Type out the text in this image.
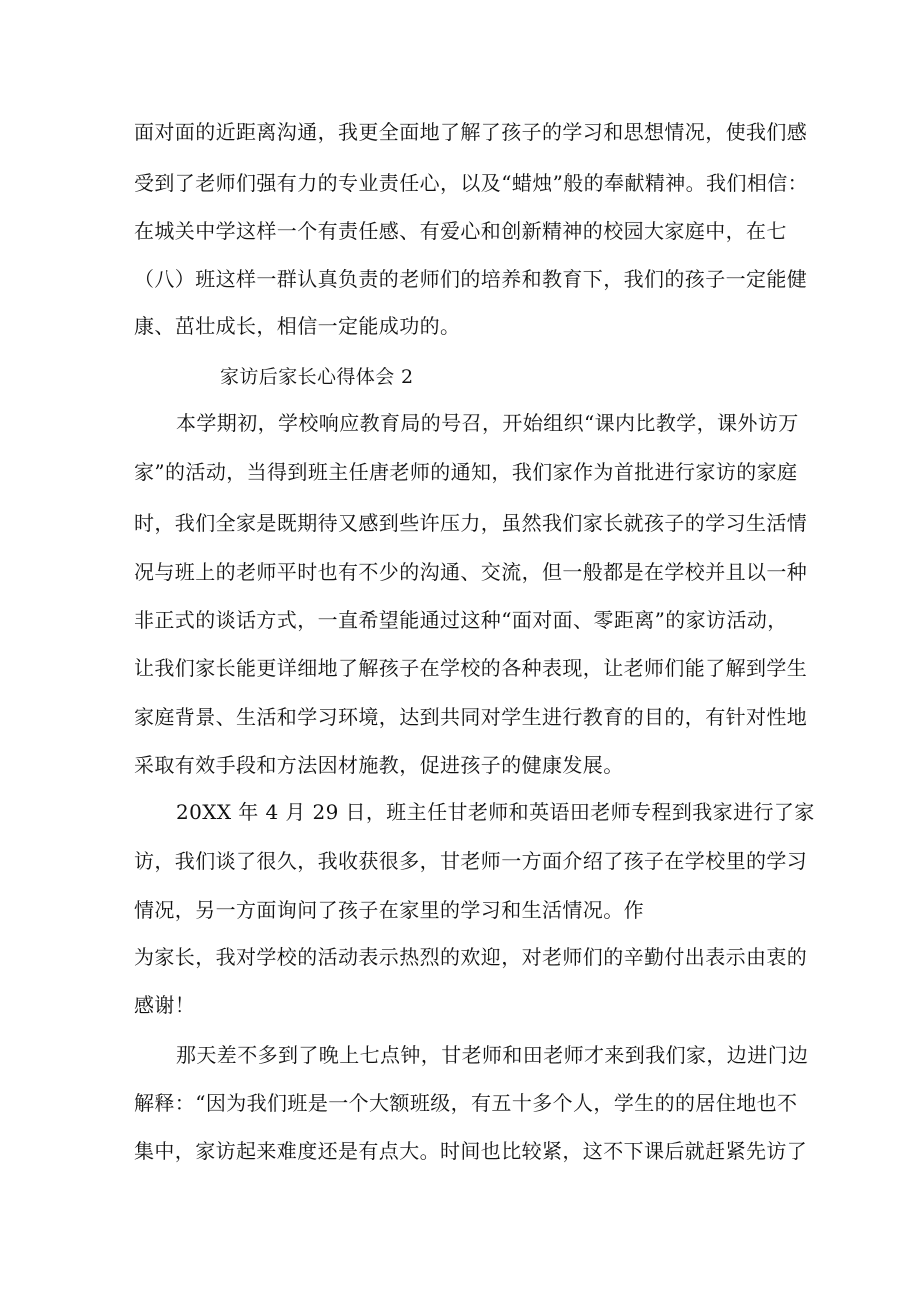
面对面的近距离沟通，我更全面地了解了孩子的学习和思想情况，使我们感
受到了老师们强有力的专业责任心，以及“蜡烛”般的奉献精神。我们相信：
在城关中学这样一个有责任感、有爱心和创新精神的校园大家庭中，在七
（八）班这样一群认真负责的老师们的培养和教育下，我们的孩子一定能健
康、茁壮成长，相信一定能成功的。
家访后家长心得体会 2
本学期初，学校响应教育局的号召，开始组织“课内比教学，课外访万
家”的活动，当得到班主任唐老师的通知，我们家作为首批进行家访的家庭
时，我们全家是既期待又感到些许压力，虽然我们家长就孩子的学习生活情
况与班上的老师平时也有不少的沟通、交流，但一般都是在学校并且以一种
非正式的谈话方式，一直希望能通过这种“面对面、零距离”的家访活动，
让我们家长能更详细地了解孩子在学校的各种表现，让老师们能了解到学生
家庭背景、生活和学习环境，达到共同对学生进行教育的目的，有针对性地
采取有效手段和方法因材施教，促进孩子的健康发展。
20XX 年 4 月 29 日，班主任甘老师和英语田老师专程到我家进行了家
访，我们谈了很久，我收获很多，甘老师一方面介绍了孩子在学校里的学习
情况，另一方面询问了孩子在家里的学习和生活情况。作
为家长，我对学校的活动表示热烈的欢迎，对老师们的辛勤付出表示由衷的
感谢！
那天差不多到了晚上七点钟，甘老师和田老师才来到我们家，边进门边
解释：“因为我们班是一个大额班级，有五十多个人，学生的的居住地也不
集中，家访起来难度还是有点大。时间也比较紧，这不下课后就赶紧先访了
